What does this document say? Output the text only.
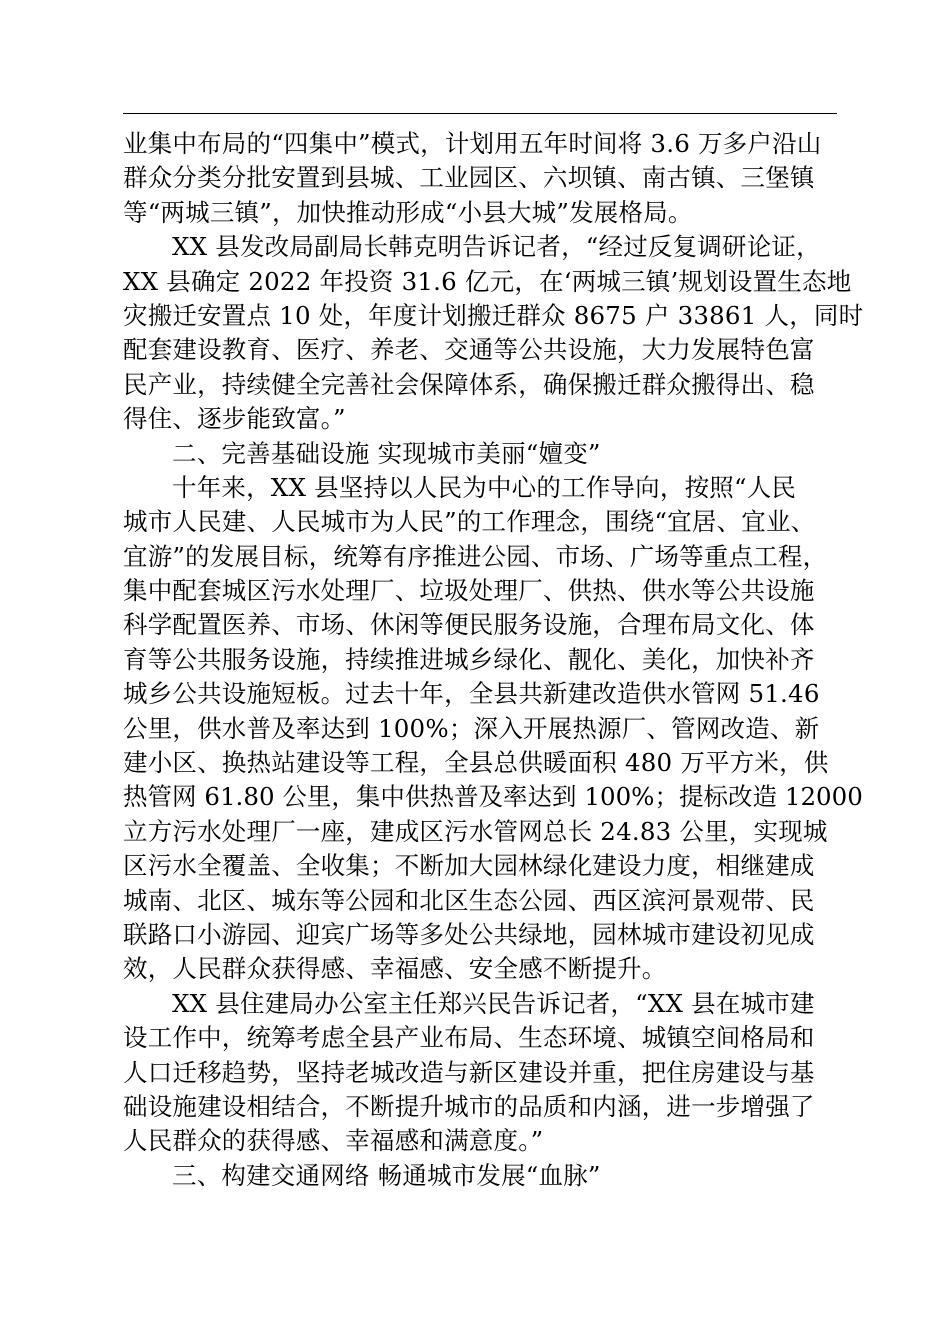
业集中布局的“四集中”模式，计划用五年时间将 3.6 万多户沿山
群众分类分批安置到县城、工业园区、六坝镇、南古镇、三堡镇
等“两城三镇”，加快推动形成“小县大城”发展格局。
XX 县发改局副局长韩克明告诉记者，“经过反复调研论证，
XX 县确定 2022 年投资 31.6 亿元，在‘两城三镇’规划设置生态地
灾搬迁安置点 10 处，年度计划搬迁群众 8675 户 33861 人，同时
配套建设教育、医疗、养老、交通等公共设施，大力发展特色富
民产业，持续健全完善社会保障体系，确保搬迁群众搬得出、稳
得住、逐步能致富。”
二、完善基础设施 实现城市美丽“嬗变”
十年来，XX 县坚持以人民为中心的工作导向，按照“人民
城市人民建、人民城市为人民”的工作理念，围绕“宜居、宜业、
宜游”的发展目标，统筹有序推进公园、市场、广场等重点工程，
集中配套城区污水处理厂、垃圾处理厂、供热、供水等公共设施
科学配置医养、市场、休闲等便民服务设施，合理布局文化、体
育等公共服务设施，持续推进城乡绿化、靓化、美化，加快补齐
城乡公共设施短板。过去十年，全县共新建改造供水管网 51.46
公里，供水普及率达到 100%；深入开展热源厂、管网改造、新
建小区、换热站建设等工程，全县总供暖面积 480 万平方米，供
热管网 61.80 公里，集中供热普及率达到 100%；提标改造 12000
立方污水处理厂一座，建成区污水管网总长 24.83 公里，实现城
区污水全覆盖、全收集；不断加大园林绿化建设力度，相继建成
城南、北区、城东等公园和北区生态公园、西区滨河景观带、民
联路口小游园、迎宾广场等多处公共绿地，园林城市建设初见成
效，人民群众获得感、幸福感、安全感不断提升。
XX 县住建局办公室主任郑兴民告诉记者，“XX 县在城市建
设工作中，统筹考虑全县产业布局、生态环境、城镇空间格局和
人口迁移趋势，坚持老城改造与新区建设并重，把住房建设与基
础设施建设相结合，不断提升城市的品质和内涵，进一步增强了
人民群众的获得感、幸福感和满意度。”
三、构建交通网络 畅通城市发展“血脉”
